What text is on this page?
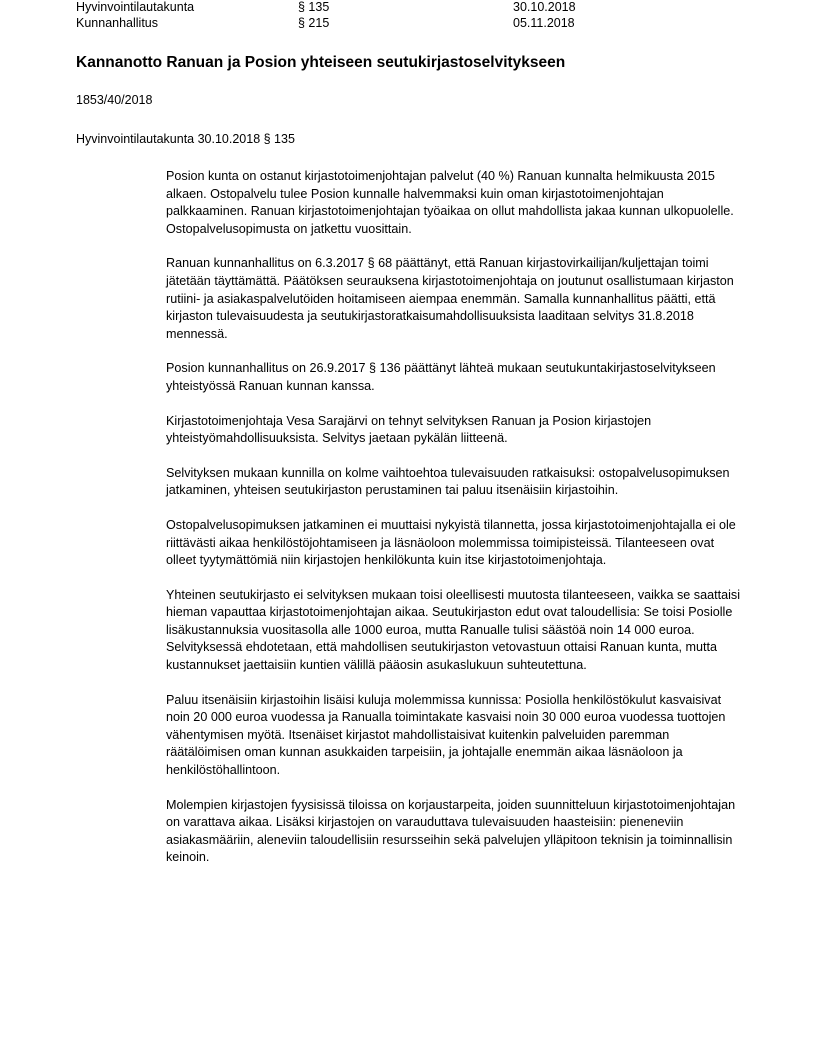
Hyvinvointilautakunta	§ 135	30.10.2018
Kunnanhallitus	§ 215	05.11.2018
Kannanotto Ranuan ja Posion yhteiseen seutukirjastoselvitykseen
1853/40/2018
Hyvinvointilautakunta 30.10.2018 § 135

Posion kunta on ostanut kirjastotoimenjohtajan palvelut (40 %) Ranuan kunnalta helmikuusta 2015 alkaen. Ostopalvelu tulee Posion kunnalle halvemmaksi kuin oman kirjastotoimenjohtajan palkkaaminen. Ranuan kirjastotoimenjohtajan työaikaa on ollut mahdollista jakaa kunnan ulkopuolelle. Ostopalvelusopimusta on jatkettu vuosittain.

Ranuan kunnanhallitus on 6.3.2017 § 68 päättänyt, että Ranuan kirjastovirkailijan/kuljettajan toimi jätetään täyttämättä. Päätöksen seurauksena kirjastotoimenjohtaja on joutunut osallistumaan kirjaston rutiini- ja asiakaspalvelutöiden hoitamiseen aiempaa enemmän. Samalla kunnanhallitus päätti, että kirjaston tulevaisuudesta ja seutukirjastoratkaisumahdollisuuksista laaditaan selvitys 31.8.2018 mennessä.

Posion kunnanhallitus on 26.9.2017 § 136 päättänyt lähteä mukaan seutukuntakirjastoselvitykseen yhteistyössä Ranuan kunnan kanssa.

Kirjastotoimenjohtaja Vesa Sarajärvi on tehnyt selvityksen Ranuan ja Posion kirjastojen yhteistyömahdollisuuksista. Selvitys jaetaan pykälän liitteenä.

Selvityksen mukaan kunnilla on kolme vaihtoehtoa tulevaisuuden ratkaisuksi: ostopalvelusopimuksen jatkaminen, yhteisen seutukirjaston perustaminen tai paluu itsenäisiin kirjastoihin.

Ostopalvelusopimuksen jatkaminen ei muuttaisi nykyistä tilannetta, jossa kirjastotoimenjohtajalla ei ole riittävästi aikaa henkilöstöjohtamiseen ja läsnäoloon molemmissa toimipisteissä. Tilanteeseen ovat olleet tyytymättömiä niin kirjastojen henkilökunta kuin itse kirjastotoimenjohtaja.

Yhteinen seutukirjasto ei selvityksen mukaan toisi oleellisesti muutosta tilanteeseen, vaikka se saattaisi hieman vapauttaa kirjastotoimenjohtajan aikaa. Seutukirjaston edut ovat taloudellisia: Se toisi Posiolle lisäkustannuksia vuositasolla alle 1000 euroa, mutta Ranualle tulisi säästöä noin 14 000 euroa. Selvityksessä ehdotetaan, että mahdollisen seutukirjaston vetovastuun ottaisi Ranuan kunta, mutta kustannukset jaettaisiin kuntien välillä pääosin asukaslukuun suhteutettuna.

Paluu itsenäisiin kirjastoihin lisäisi kuluja molemmissa kunnissa: Posiolla henkilöstökulut kasvaisivat noin 20 000 euroa vuodessa ja Ranualla toimintakate kasvaisi noin 30 000 euroa vuodessa tuottojen vähentymisen myötä. Itsenäiset kirjastot mahdollistaisivat kuitenkin palveluiden paremman räätälöimisen oman kunnan asukkaiden tarpeisiin, ja johtajalle enemmän aikaa läsnäoloon ja henkilöstöhallintoon.

Molempien kirjastojen fyysisissä tiloissa on korjaustarpeita, joiden suunnitteluun kirjastotoimenjohtajan on varattava aikaa. Lisäksi kirjastojen on varauduttava tulevaisuuden haasteisiin: pieneneviin asiakasmääriin, aleneviin taloudellisiin resursseihin sekä palvelujen ylläpitoon teknisin ja toiminnallisin keinoin.
